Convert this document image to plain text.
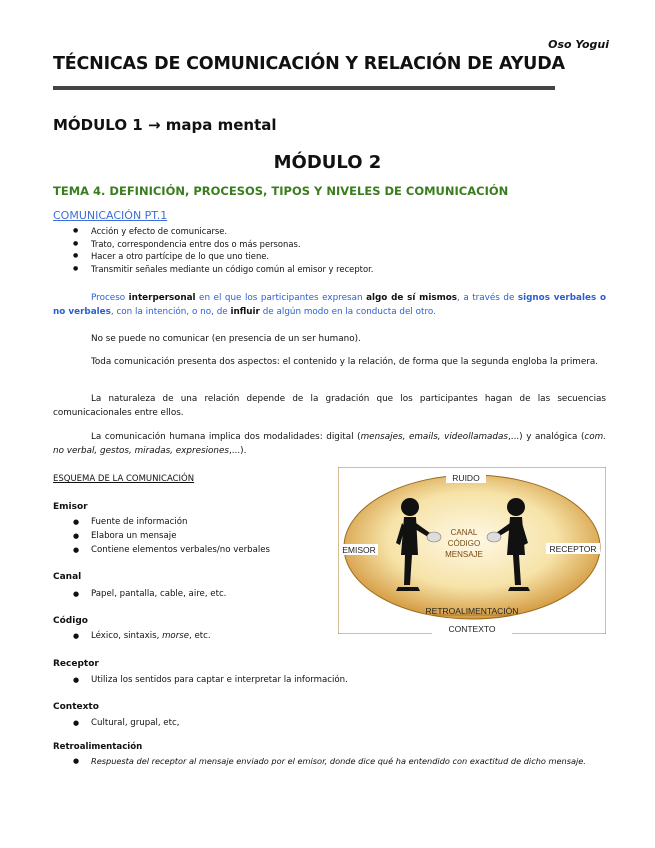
Oso Yogui
TÉCNICAS DE COMUNICACIÓN Y RELACIÓN DE AYUDA
MÓDULO 1 → mapa mental
MÓDULO 2
TEMA 4. DEFINICIÓN, PROCESOS, TIPOS Y NIVELES DE COMUNICACIÓN
COMUNICACIÓN PT.1
● Acción y efecto de comunicarse.
● Trato, correspondencia entre dos o más personas.
● Hacer a otro partícipe de lo que uno tiene.
● Transmitir señales mediante un código común al emisor y receptor.
Proceso interpersonal en el que los participantes expresan algo de sí mismos, a través de signos verbales o no verbales, con la intención, o no, de influir de algún modo en la conducta del otro.
No se puede no comunicar (en presencia de un ser humano).
Toda comunicación presenta dos aspectos: el contenido y la relación, de forma que la segunda engloba la primera.
La naturaleza de una relación depende de la gradación que los participantes hagan de las secuencias comunicacionales entre ellos.
La comunicación humana implica dos modalidades: digital (mensajes, emails, videollamadas,...) y analógica (com. no verbal, gestos, miradas, expresiones,...).
ESQUEMA DE LA COMUNICACIÓN
Emisor
● Fuente de información
● Elabora un mensaje
● Contiene elementos verbales/no verbales
Canal
● Papel, pantalla, cable, aire, etc.
Código
● Léxico, sintaxis, morse, etc.
Receptor
● Utiliza los sentidos para captar e interpretar la información.
Contexto
● Cultural, grupal, etc,
Retroalimentación
● Respuesta del receptor al mensaje enviado por el emisor, donde dice qué ha entendido con exactitud de dicho mensaje.
RUIDO
EMISOR	RECEPTOR
CANAL
CÓDIGO
MENSAJE
RETROALIMENTACIÓN
CONTEXTO
